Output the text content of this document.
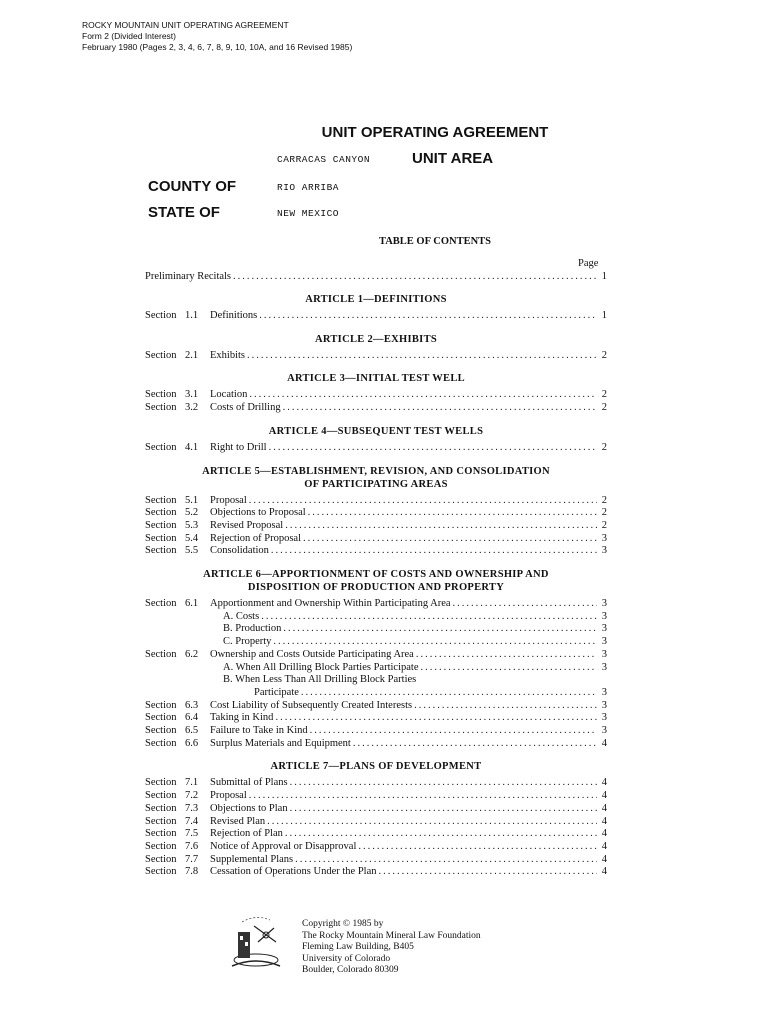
ROCKY MOUNTAIN UNIT OPERATING AGREEMENT
Form 2 (Divided Interest)
February 1980 (Pages 2, 3, 4, 6, 7, 8, 9, 10, 10A, and 16 Revised 1985)
UNIT OPERATING AGREEMENT
CARRACAS CANYON	UNIT AREA
COUNTY OF	RIO ARRIBA
STATE OF	NEW MEXICO
TABLE OF CONTENTS
Page
Preliminary Recitals .....	1
ARTICLE 1—DEFINITIONS
Section 1.1	Definitions .....	1
ARTICLE 2—EXHIBITS
Section 2.1	Exhibits .....	2
ARTICLE 3—INITIAL TEST WELL
Section 3.1	Location .....	2
Section 3.2	Costs of Drilling .....	2
ARTICLE 4—SUBSEQUENT TEST WELLS
Section 4.1	Right to Drill .....	2
ARTICLE 5—ESTABLISHMENT, REVISION, AND CONSOLIDATION
OF PARTICIPATING AREAS
Section 5.1	Proposal .....	2
Section 5.2	Objections to Proposal .....	2
Section 5.3	Revised Proposal .....	2
Section 5.4	Rejection of Proposal .....	3
Section 5.5	Consolidation .....	3
ARTICLE 6—APPORTIONMENT OF COSTS AND OWNERSHIP AND
DISPOSITION OF PRODUCTION AND PROPERTY
Section 6.1	Apportionment and Ownership Within Participating Area .....	3
A. Costs .....	3
B. Production .....	3
C. Property .....	3
Section 6.2	Ownership and Costs Outside Participating Area .....	3
A. When All Drilling Block Parties Participate .....	3
B. When Less Than All Drilling Block Parties
Participate .....	3
Section 6.3	Cost Liability of Subsequently Created Interests .....	3
Section 6.4	Taking in Kind .....	3
Section 6.5	Failure to Take in Kind .....	3
Section 6.6	Surplus Materials and Equipment .....	4
ARTICLE 7—PLANS OF DEVELOPMENT
Section 7.1	Submittal of Plans .....	4
Section 7.2	Proposal .....	4
Section 7.3	Objections to Plan .....	4
Section 7.4	Revised Plan .....	4
Section 7.5	Rejection of Plan .....	4
Section 7.6	Notice of Approval or Disapproval .....	4
Section 7.7	Supplemental Plans .....	4
Section 7.8	Cessation of Operations Under the Plan .....	4
Copyright © 1985 by
The Rocky Mountain Mineral Law Foundation
Fleming Law Building, B405
University of Colorado
Boulder, Colorado 80309
